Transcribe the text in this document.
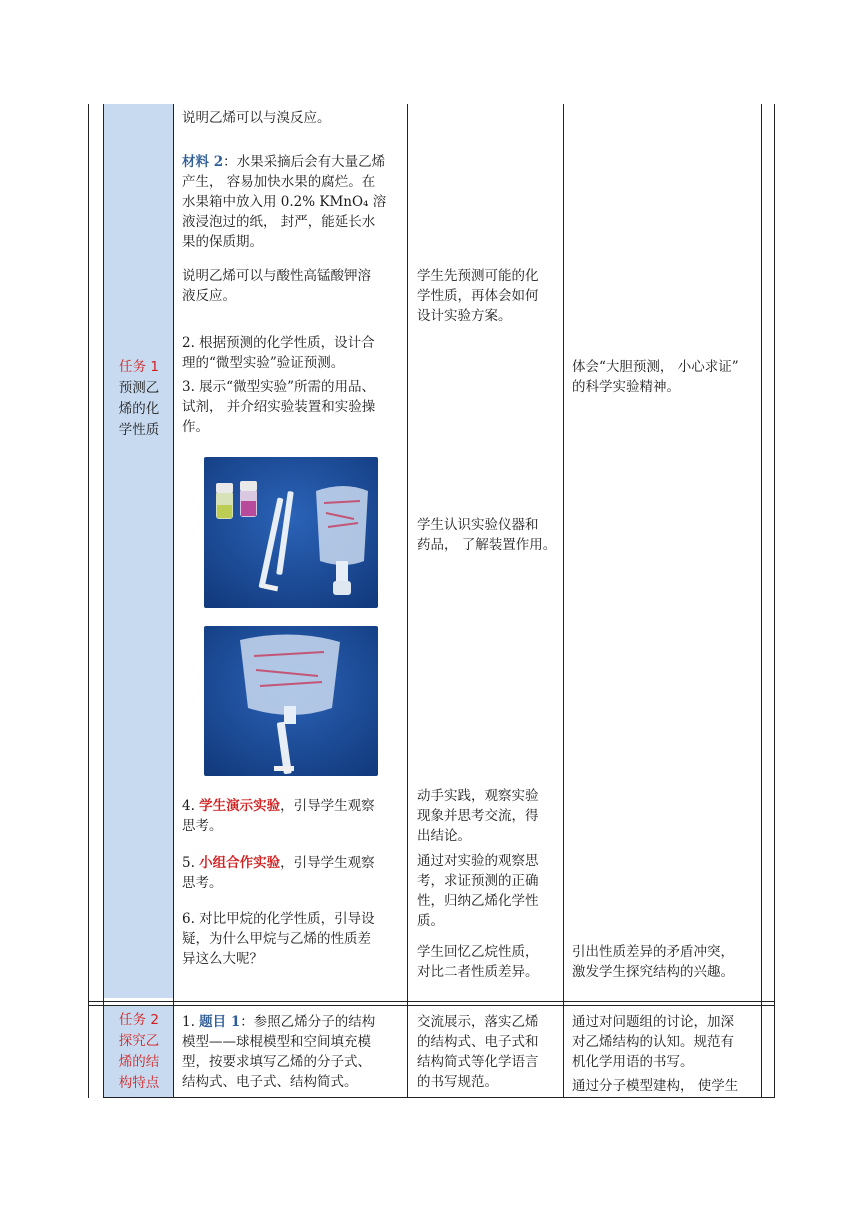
任务 1
预测乙
烯的化
学性质
任务 2
探究乙
烯的结
构特点
说明乙烯可以与溴反应。
材料 2：水果采摘后会有大量乙烯
产生， 容易加快水果的腐烂。在
水果箱中放入用 0.2% KMnO₄ 溶
液浸泡过的纸， 封严，能延长水
果的保质期。
说明乙烯可以与酸性高锰酸钾溶
液反应。
2. 根据预测的化学性质，设计合
理的“微型实验”验证预测。
3. 展示“微型实验”所需的用品、
试剂， 并介绍实验装置和实验操
作。
4. 学生演示实验，引导学生观察
思考。
5. 小组合作实验，引导学生观察
思考。
6. 对比甲烷的化学性质，引导设
疑，为什么甲烷与乙烯的性质差
异这么大呢？
1. 题目 1：参照乙烯分子的结构
模型——球棍模型和空间填充模
型，按要求填写乙烯的分子式、
结构式、电子式、结构简式。
学生先预测可能的化
学性质，再体会如何
设计实验方案。
学生认识实验仪器和
药品， 了解装置作用。
动手实践，观察实验
现象并思考交流，得
出结论。
通过对实验的观察思
考，求证预测的正确
性，归纳乙烯化学性
质。
学生回忆乙烷性质，
对比二者性质差异。
交流展示，落实乙烯
的结构式、电子式和
结构简式等化学语言
的书写规范。
体会“大胆预测， 小心求证”
的科学实验精神。
引出性质差异的矛盾冲突，
激发学生探究结构的兴趣。
通过对问题组的讨论，加深
对乙烯结构的认知。规范有
机化学用语的书写。
通过分子模型建构， 使学生
